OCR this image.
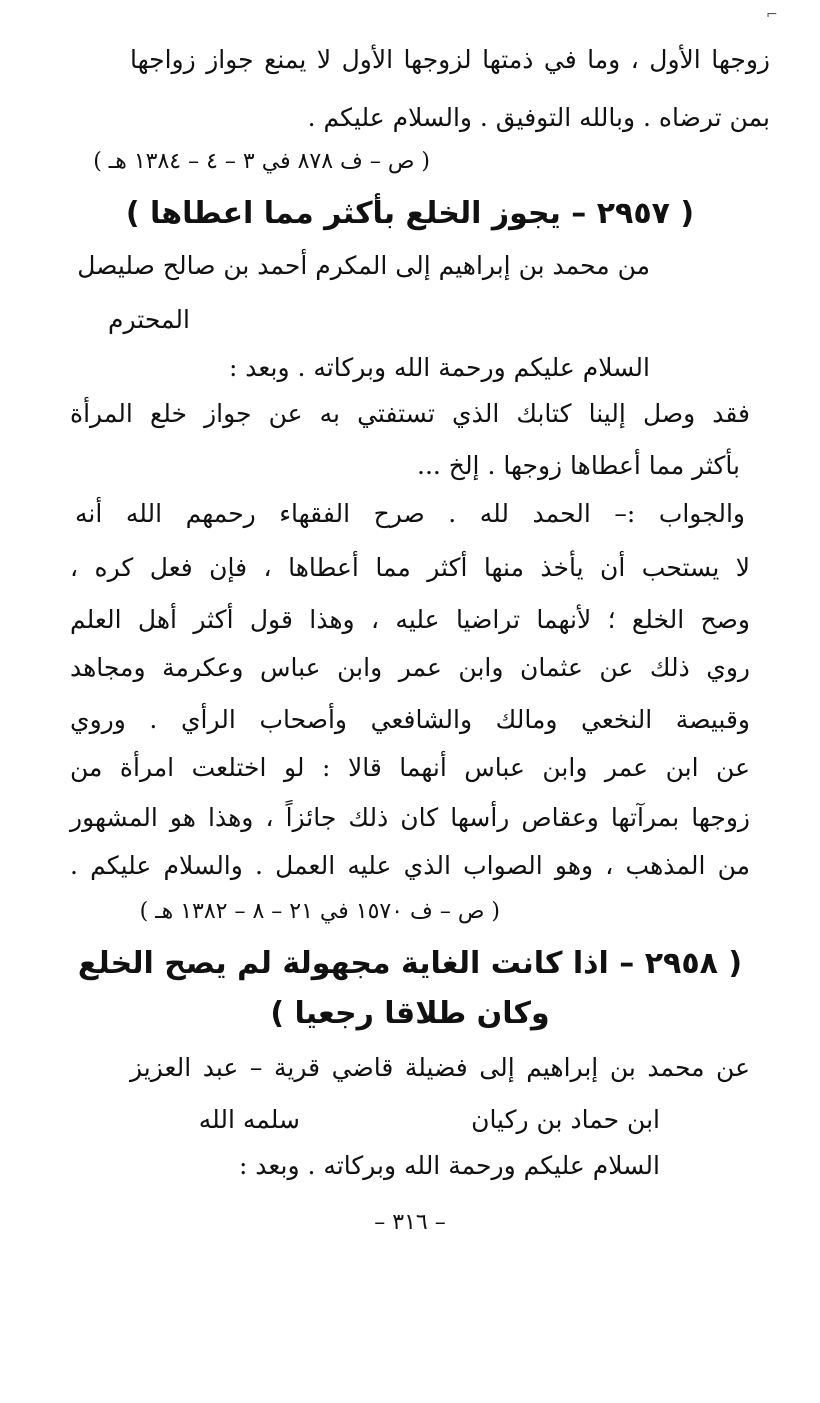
⌐
زوجها الأول ، وما في ذمتها لزوجها الأول لا يمنع جواز زواجها
بمن ترضاه . وبالله التوفيق . والسلام عليكم .
( ص – ف ٨٧٨ في ٣ – ٤ – ١٣٨٤ هـ )
( ٢٩٥٧ – يجوز الخلع بأكثر مما اعطاها )
من محمد بن إبراهيم إلى المكرم أحمد بن صالح صليصل
المحترم
السلام عليكم ورحمة الله وبركاته . وبعد :
فقد وصل إلينا كتابك الذي تستفتي به عن جواز خلع المرأة
بأكثر مما أعطاها زوجها . إلخ ...
والجواب :– الحمد لله . صرح الفقهاء رحمهم الله أنه
لا يستحب أن يأخذ منها أكثر مما أعطاها ، فإن فعل كره ،
وصح الخلع ؛ لأنهما تراضيا عليه ، وهذا قول أكثر أهل العلم
روي ذلك عن عثمان وابن عمر وابن عباس وعكرمة ومجاهد
وقبيصة النخعي ومالك والشافعي وأصحاب الرأي . وروي
عن ابن عمر وابن عباس أنهما قالا : لو اختلعت امرأة من
زوجها بمرآتها وعقاص رأسها كان ذلك جائزاً ، وهذا هو المشهور
من المذهب ، وهو الصواب الذي عليه العمل . والسلام عليكم .
( ص – ف ١٥٧٠ في ٢١ – ٨ – ١٣٨٢ هـ )
( ٢٩٥٨ – اذا كانت الغاية مجهولة لم يصح الخلع
وكان طلاقا رجعيا )
عن محمد بن إبراهيم إلى فضيلة قاضي قرية – عبد العزيز
ابن حماد بن ركيان
سلمه الله
السلام عليكم ورحمة الله وبركاته . وبعد :
– ٣١٦ –
